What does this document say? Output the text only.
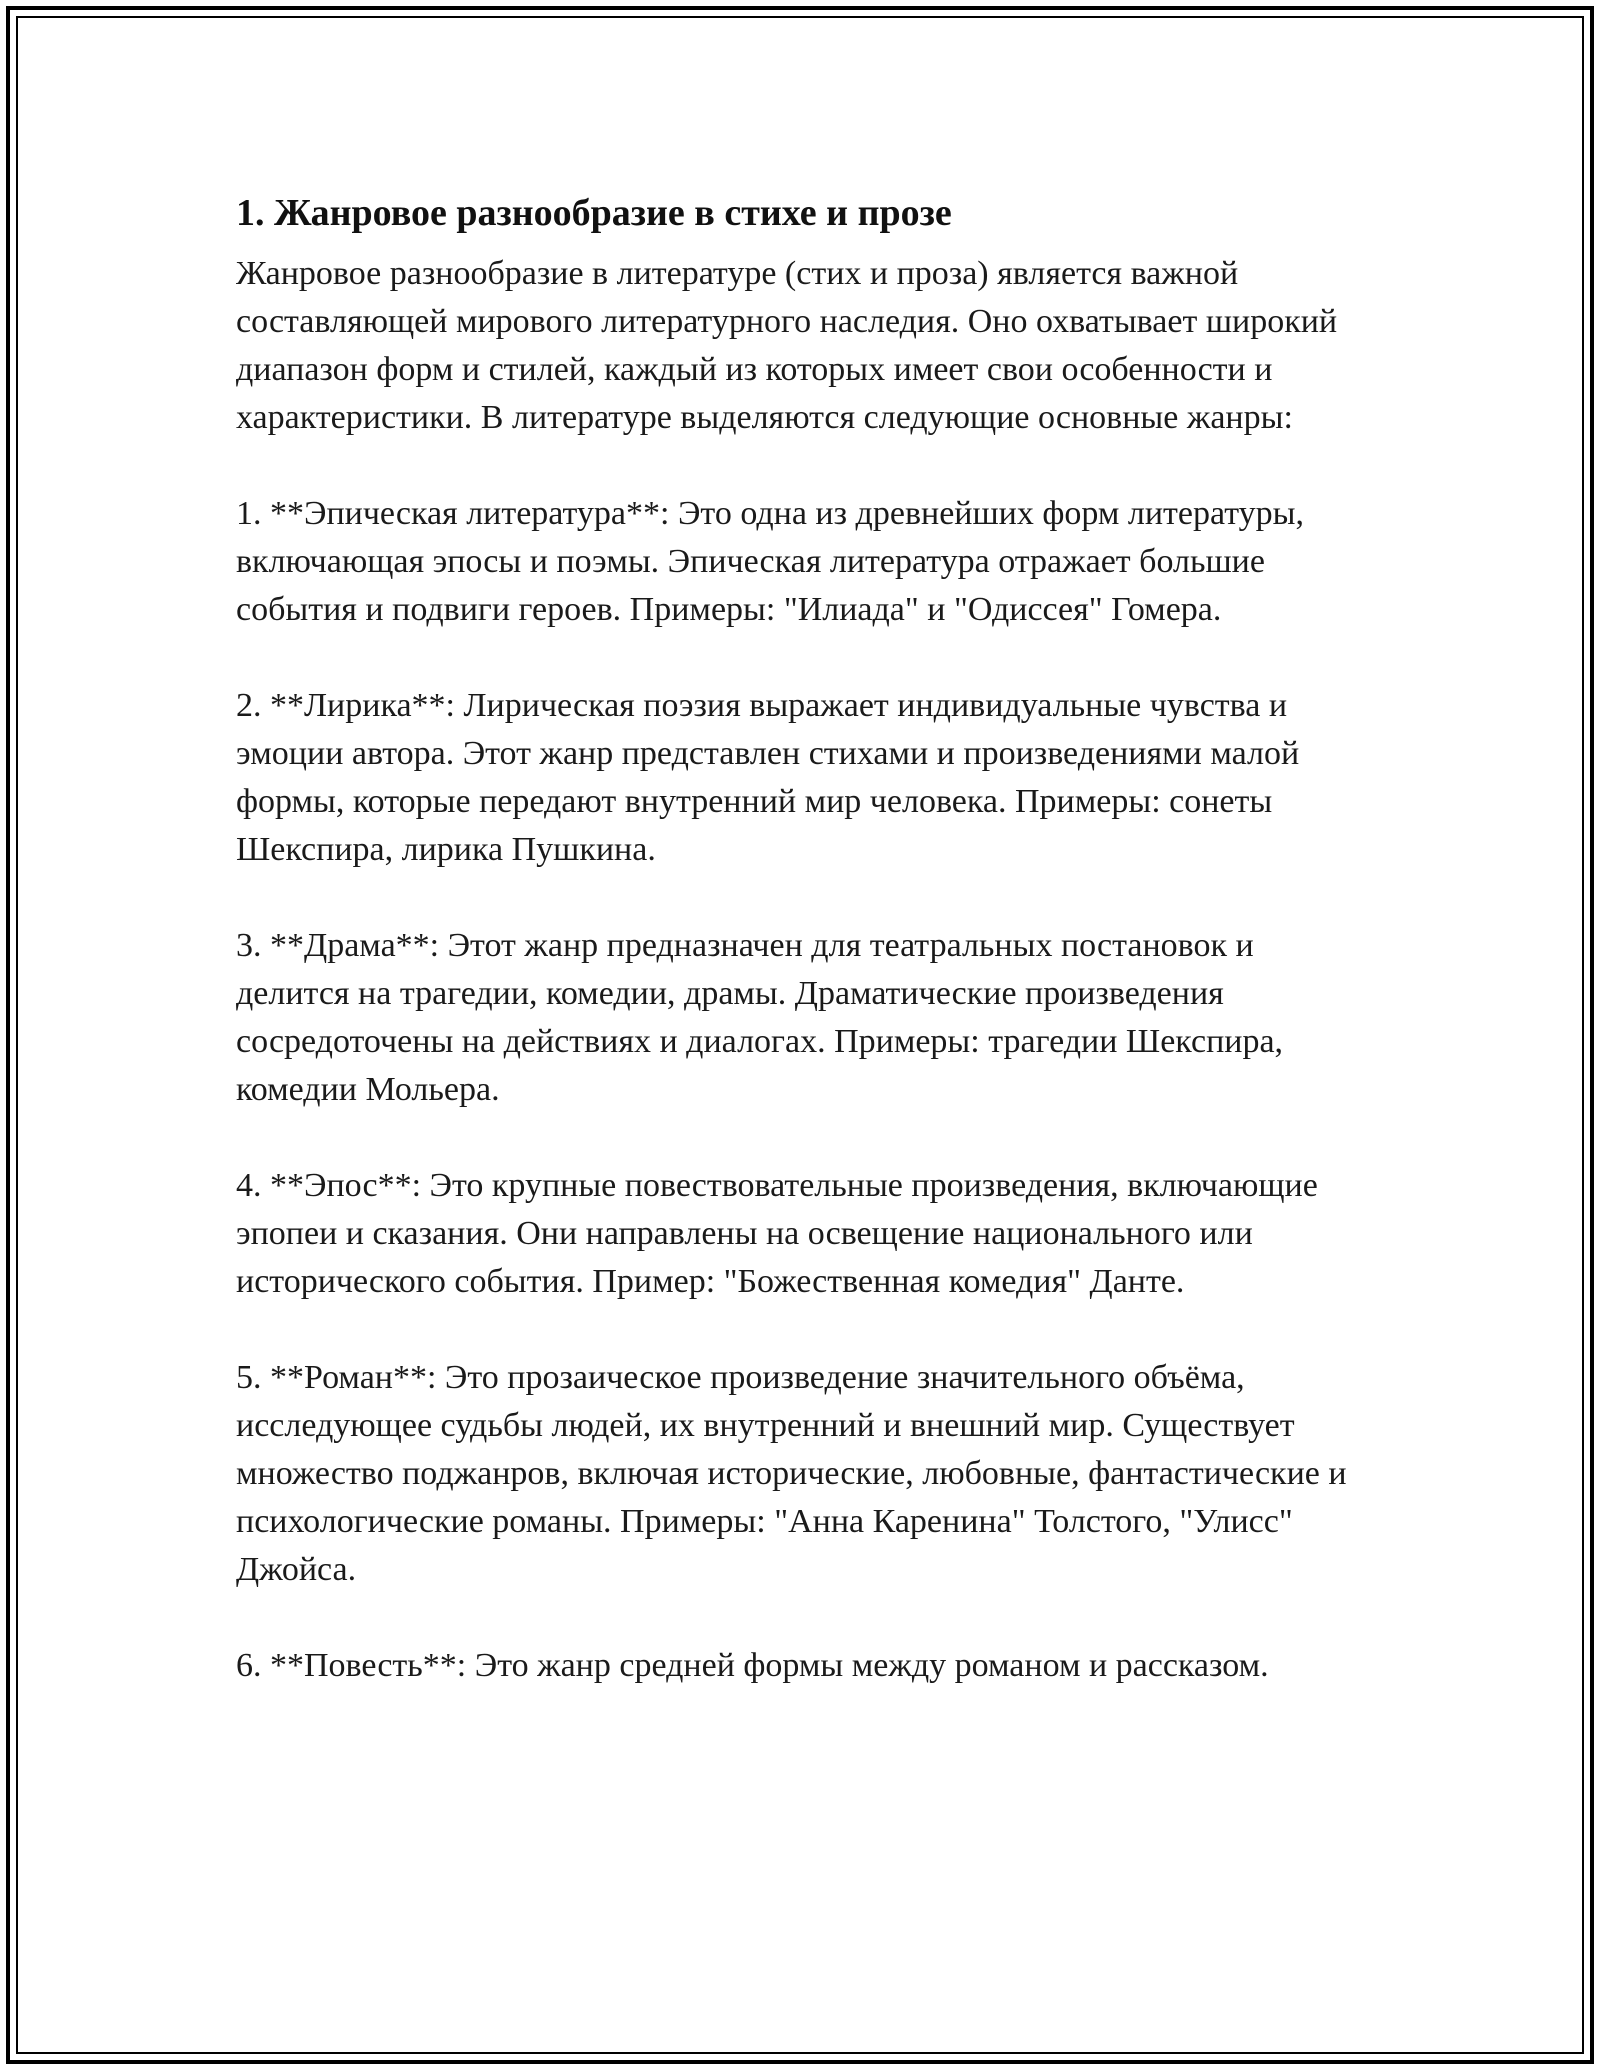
1. Жанровое разнообразие в стихе и прозе

Жанровое разнообразие в литературе (стих и проза) является важной составляющей мирового литературного наследия. Оно охватывает широкий диапазон форм и стилей, каждый из которых имеет свои особенности и характеристики. В литературе выделяются следующие основные жанры:

1. **Эпическая литература**: Это одна из древнейших форм литературы, включающая эпосы и поэмы. Эпическая литература отражает большие события и подвиги героев. Примеры: "Илиада" и "Одиссея" Гомера.

2. **Лирика**: Лирическая поэзия выражает индивидуальные чувства и эмоции автора. Этот жанр представлен стихами и произведениями малой формы, которые передают внутренний мир человека. Примеры: сонеты Шекспира, лирика Пушкина.

3. **Драма**: Этот жанр предназначен для театральных постановок и делится на трагедии, комедии, драмы. Драматические произведения сосредоточены на действиях и диалогах. Примеры: трагедии Шекспира, комедии Мольера.

4. **Эпос**: Это крупные повествовательные произведения, включающие эпопеи и сказания. Они направлены на освещение национального или исторического события. Пример: "Божественная комедия" Данте.

5. **Роман**: Это прозаическое произведение значительного объёма, исследующее судьбы людей, их внутренний и внешний мир. Существует множество поджанров, включая исторические, любовные, фантастические и психологические романы. Примеры: "Анна Каренина" Толстого, "Улисс" Джойса.

6. **Повесть**: Это жанр средней формы между романом и рассказом.
